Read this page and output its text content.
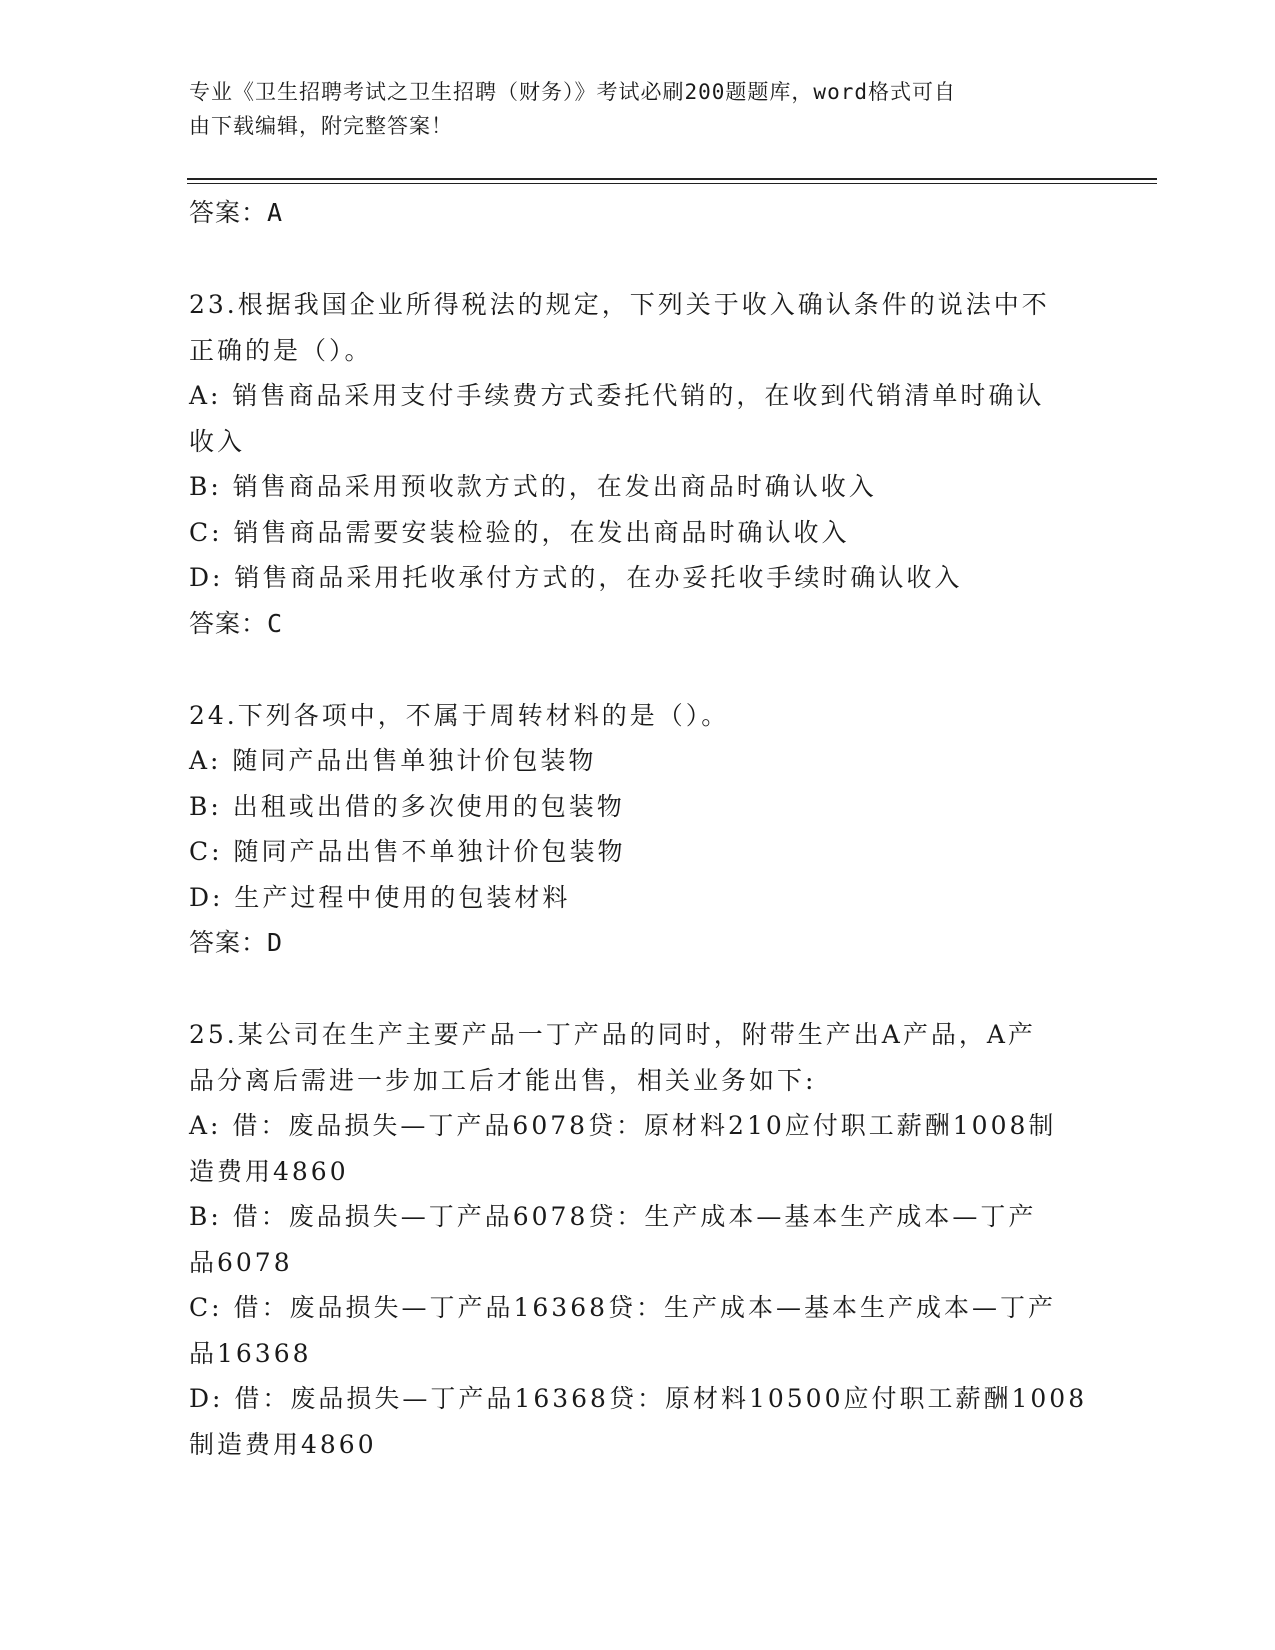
专业《卫生招聘考试之卫生招聘（财务）》考试必刷200题题库，word格式可自
由下载编辑，附完整答案！
答案：A
23.根据我国企业所得税法的规定，下列关于收入确认条件的说法中不
正确的是（）。
A: 销售商品采用支付手续费方式委托代销的，在收到代销清单时确认
收入
B: 销售商品采用预收款方式的，在发出商品时确认收入
C: 销售商品需要安装检验的，在发出商品时确认收入
D: 销售商品采用托收承付方式的，在办妥托收手续时确认收入
答案：C
24.下列各项中，不属于周转材料的是（）。
A: 随同产品出售单独计价包装物
B: 出租或出借的多次使用的包装物
C: 随同产品出售不单独计价包装物
D: 生产过程中使用的包装材料
答案：D
25.某公司在生产主要产品一丁产品的同时，附带生产出A产品，A产
品分离后需进一步加工后才能出售，相关业务如下:
A: 借：废品损失—丁产品6078贷：原材料210应付职工薪酬1008制
造费用4860
B: 借：废品损失—丁产品6078贷：生产成本—基本生产成本—丁产
品6078
C: 借：废品损失—丁产品16368贷：生产成本—基本生产成本—丁产
品16368
D: 借：废品损失—丁产品16368贷：原材料10500应付职工薪酬1008
制造费用4860
